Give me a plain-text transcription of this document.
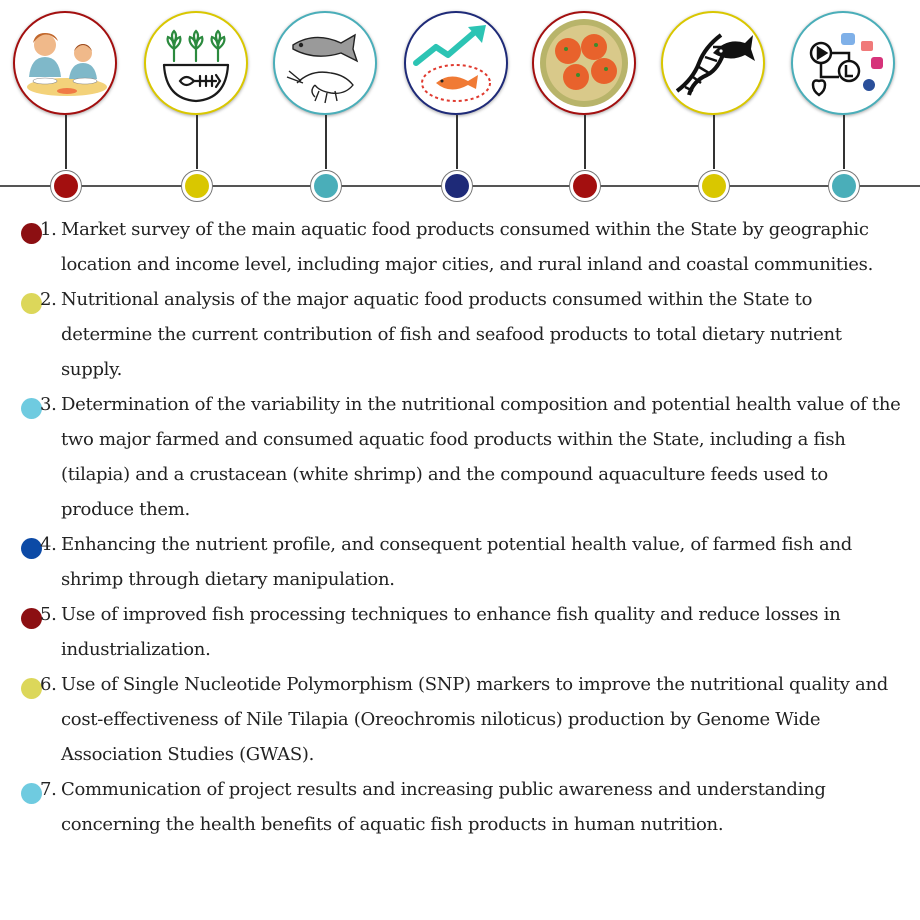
1. Market survey of the main aquatic food products consumed within the State by geographic location and income level, including major cities, and rural inland and coastal communities.
2. Nutritional analysis of the major aquatic food products consumed within the State to determine the current contribution of fish and seafood products to total dietary nutrient supply.
3. Determination of the variability in the nutritional composition and potential health value of the two major farmed and consumed aquatic food products within the State, including a fish (tilapia) and a crustacean (white shrimp) and the compound aquaculture feeds used to produce them.
4. Enhancing the nutrient profile, and consequent potential health value, of farmed fish and shrimp through dietary manipulation.
5. Use of improved fish processing techniques to enhance fish quality and reduce losses in industrialization.
6. Use of Single Nucleotide Polymorphism (SNP) markers to improve the nutritional quality and cost-effectiveness of Nile Tilapia (Oreochromis niloticus) production by Genome Wide Association Studies (GWAS).
7. Communication of project results and increasing public awareness and understanding concerning the health benefits of aquatic fish products in human nutrition.
